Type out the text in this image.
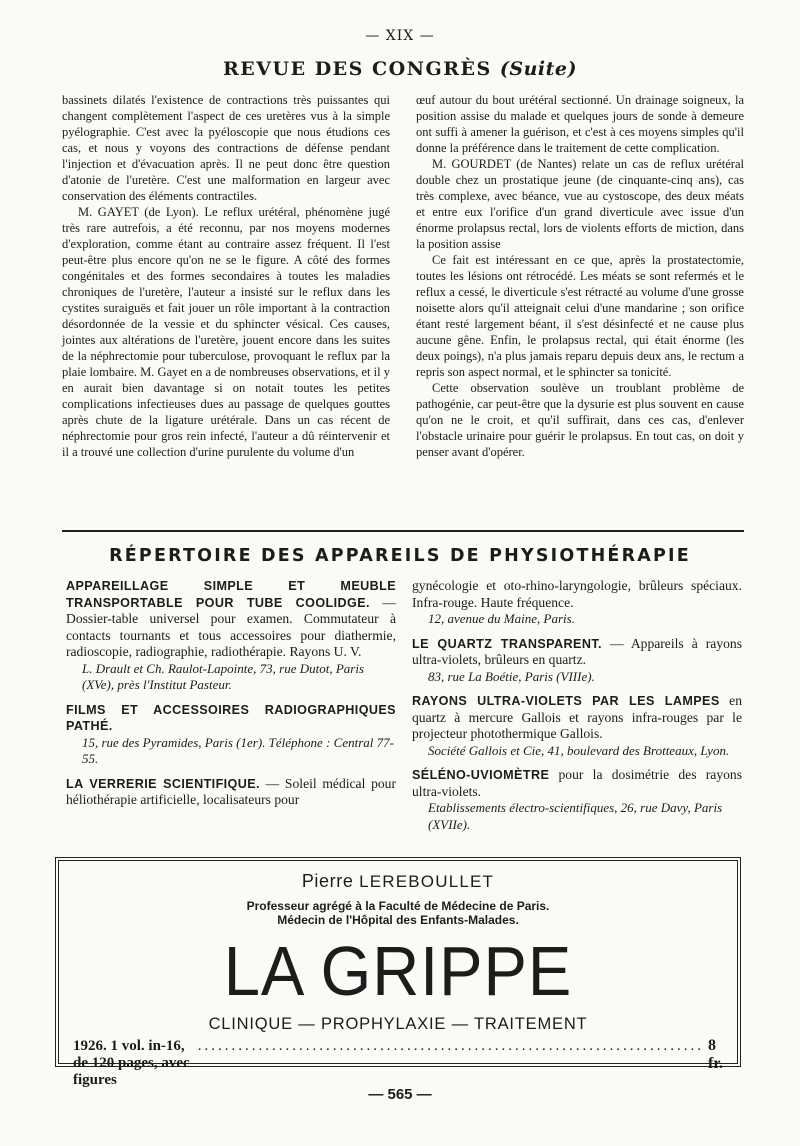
— XIX —
REVUE DES CONGRÈS (Suite)

bassinets dilatés l'existence de contractions très puissantes qui changent complètement l'aspect de ces uretères vus à la simple pyélographie. C'est avec la pyéloscopie que nous étudions ces cas, et nous y voyons des contractions de défense pendant l'injection et d'évacuation après. Il ne peut donc être question d'atonie de l'uretère. C'est une malformation en largeur avec conservation des éléments contractiles.

M. GAYET (de Lyon). Le reflux urétéral, phénomène jugé très rare autrefois, a été reconnu, par nos moyens modernes d'exploration, comme étant au contraire assez fréquent. Il l'est peut-être plus encore qu'on ne se le figure. A côté des formes congénitales et des formes secondaires à toutes les maladies chroniques de l'uretère, l'auteur a insisté sur le reflux dans les cystites suraiguës et fait jouer un rôle important à la contraction désordonnée de la vessie et du sphincter vésical. Ces causes, jointes aux altérations de l'uretère, jouent encore dans les suites de la néphrectomie pour tuberculose, provoquant le reflux par la plaie lombaire. M. Gayet en a de nombreuses observations, et il y en aurait bien davantage si on notait toutes les petites complications infectieuses dues au passage de quelques gouttes après chute de la ligature urétérale. Dans un cas récent de néphrectomie pour gros rein infecté, l'auteur a dû réintervenir et il a trouvé une collection d'urine purulente du volume d'un

œuf autour du bout urétéral sectionné. Un drainage soigneux, la position assise du malade et quelques jours de sonde à demeure ont suffi à amener la guérison, et c'est à ces moyens simples qu'il donne la préférence dans le traitement de cette complication.

M. GOURDET (de Nantes) relate un cas de reflux urétéral double chez un prostatique jeune (de cinquante-cinq ans), cas très complexe, avec béance, vue au cystoscope, des deux méats et entre eux l'orifice d'un grand diverticule avec issue d'un énorme prolapsus rectal, lors de violents efforts de miction, dans la position assise

Ce fait est intéressant en ce que, après la prostatectomie, toutes les lésions ont rétrocédé. Les méats se sont refermés et le reflux a cessé, le diverticule s'est rétracté au volume d'une grosse noisette alors qu'il atteignait celui d'une mandarine ; son orifice étant resté largement béant, il s'est désinfecté et ne cause plus aucune gêne. Enfin, le prolapsus rectal, qui était énorme (les deux poings), n'a plus jamais reparu depuis deux ans, le rectum a repris son aspect normal, et le sphincter sa tonicité.

Cette observation soulève un troublant problème de pathogénie, car peut-être que la dysurie est plus souvent en cause qu'on ne le croit, et qu'il suffirait, dans ces cas, d'enlever l'obstacle urinaire pour guérir le prolapsus. En tout cas, on doit y penser avant d'opérer.

RÉPERTOIRE DES APPAREILS DE PHYSIOTHÉRAPIE

APPAREILLAGE SIMPLE ET MEUBLE TRANSPORTABLE POUR TUBE COOLIDGE. — Dossier-table universel pour examen. Commutateur à contacts tournants et tous accessoires pour diathermie, radioscopie, radiographie, radiothérapie. Rayons U. V.

L. Drault et Ch. Raulot-Lapointe, 73, rue Dutot, Paris (XVe), près l'Institut Pasteur.

FILMS ET ACCESSOIRES RADIOGRAPHIQUES PATHÉ.

15, rue des Pyramides, Paris (1er). Téléphone : Central 77-55.

LA VERRERIE SCIENTIFIQUE. — Soleil médical pour héliothérapie artificielle, localisateurs pour

gynécologie et oto-rhino-laryngologie, brûleurs spéciaux. Infra-rouge. Haute fréquence.

12, avenue du Maine, Paris.

LE QUARTZ TRANSPARENT. — Appareils à rayons ultra-violets, brûleurs en quartz.

83, rue La Boétie, Paris (VIIIe).

RAYONS ULTRA-VIOLETS PAR LES LAMPES en quartz à mercure Gallois et rayons infra-rouges par le projecteur photothermique Gallois.

Société Gallois et Cie, 41, boulevard des Brotteaux, Lyon.

SÉLÉNO-UVIOMÈTRE pour la dosimétrie des rayons ultra-violets.

Etablissements électro-scientifiques, 26, rue Davy, Paris (XVIIe).

Pierre LEREBOULLET
Professeur agrégé à la Faculté de Médecine de Paris.
Médecin de l'Hôpital des Enfants-Malades.
LA GRIPPE
CLINIQUE — PROPHYLAXIE — TRAITEMENT
1926. 1 vol. in-16, de 120 pages, avec figures
........................................................................... 8 fr.
— 565 —
